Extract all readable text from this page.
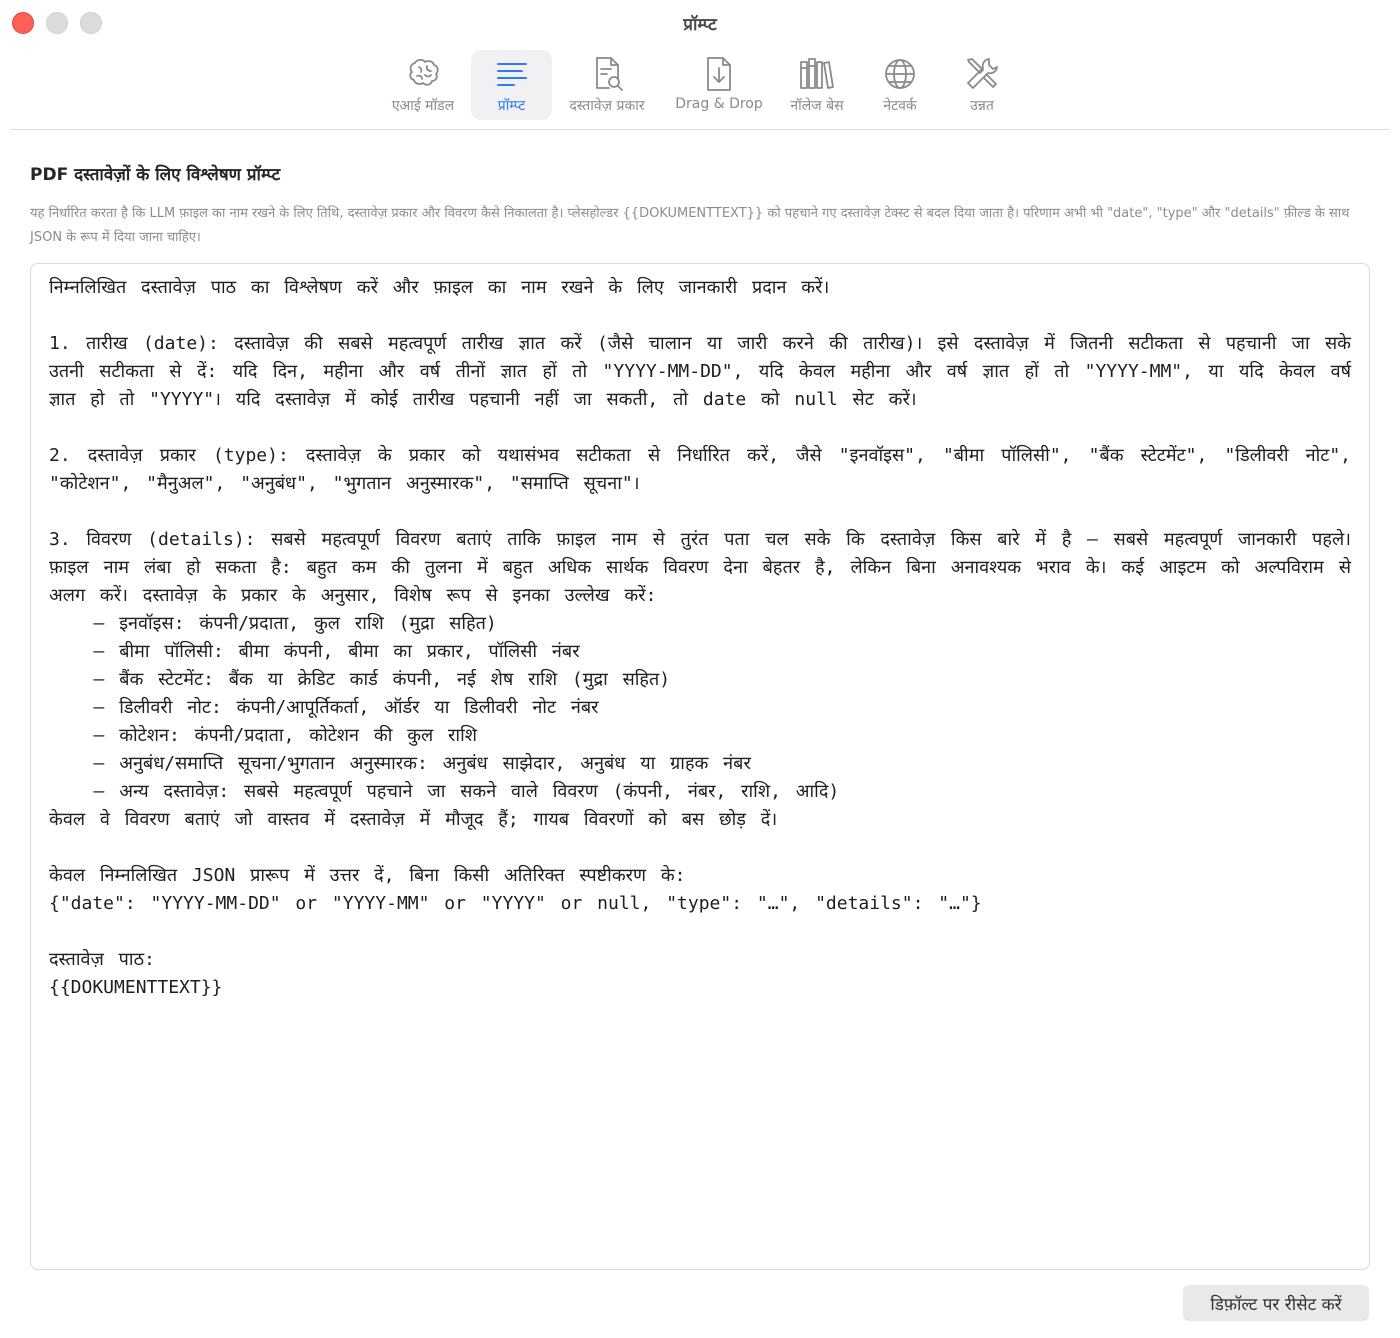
प्रॉम्प्ट
एआई मॉडल	प्रॉम्प्ट	दस्तावेज़ प्रकार Drag & Drop नॉलेज बेस	नेटवर्क	उन्नत
PDF दस्तावेज़ों के लिए विश्लेषण प्रॉम्प्ट
यह निर्धारित करता है कि LLM फ़ाइल का नाम रखने के लिए तिथि, दस्तावेज़ प्रकार और विवरण कैसे निकालता है। प्लेसहोल्डर {{DOKUMENTTEXT}} को पहचाने गए दस्तावेज़ टेक्स्ट से बदल दिया जाता है। परिणाम अभी भी "date", "type" और "details" फ़ील्ड के साथ JSON के रूप में दिया जाना चाहिए।
निम्नलिखित दस्तावेज़ पाठ का विश्लेषण करें और फ़ाइल का नाम रखने के लिए जानकारी प्रदान करें।

1. तारीख (date): दस्तावेज़ की सबसे महत्वपूर्ण तारीख ज्ञात करें (जैसे चालान या जारी करने की तारीख)। इसे दस्तावेज़ में जितनी सटीकता से पहचानी जा सके उतनी सटीकता से दें: यदि दिन, महीना और वर्ष तीनों ज्ञात हों तो "YYYY-MM-DD", यदि केवल महीना और वर्ष ज्ञात हों तो "YYYY-MM", या यदि केवल वर्ष ज्ञात हो तो "YYYY"। यदि दस्तावेज़ में कोई तारीख पहचानी नहीं जा सकती, तो date को null सेट करें।

2. दस्तावेज़ प्रकार (type): दस्तावेज़ के प्रकार को यथासंभव सटीकता से निर्धारित करें, जैसे "इनवॉइस", "बीमा पॉलिसी", "बैंक स्टेटमेंट", "डिलीवरी नोट", "कोटेशन", "मैनुअल", "अनुबंध", "भुगतान अनुस्मारक", "समाप्ति सूचना"।

3. विवरण (details): सबसे महत्वपूर्ण विवरण बताएं ताकि फ़ाइल नाम से तुरंत पता चल सके कि दस्तावेज़ किस बारे में है – सबसे महत्वपूर्ण जानकारी पहले। फ़ाइल नाम लंबा हो सकता है: बहुत कम की तुलना में बहुत अधिक सार्थक विवरण देना बेहतर है, लेकिन बिना अनावश्यक भराव के। कई आइटम को अल्पविराम से अलग करें। दस्तावेज़ के प्रकार के अनुसार, विशेष रूप से इनका उल्लेख करें:
– इनवॉइस: कंपनी/प्रदाता, कुल राशि (मुद्रा सहित)
– बीमा पॉलिसी: बीमा कंपनी, बीमा का प्रकार, पॉलिसी नंबर
– बैंक स्टेटमेंट: बैंक या क्रेडिट कार्ड कंपनी, नई शेष राशि (मुद्रा सहित)
– डिलीवरी नोट: कंपनी/आपूर्तिकर्ता, ऑर्डर या डिलीवरी नोट नंबर
– कोटेशन: कंपनी/प्रदाता, कोटेशन की कुल राशि
– अनुबंध/समाप्ति सूचना/भुगतान अनुस्मारक: अनुबंध साझेदार, अनुबंध या ग्राहक नंबर
– अन्य दस्तावेज़: सबसे महत्वपूर्ण पहचाने जा सकने वाले विवरण (कंपनी, नंबर, राशि, आदि)
केवल वे विवरण बताएं जो वास्तव में दस्तावेज़ में मौजूद हैं; गायब विवरणों को बस छोड़ दें।

केवल निम्नलिखित JSON प्रारूप में उत्तर दें, बिना किसी अतिरिक्त स्पष्टीकरण के:
{"date": "YYYY-MM-DD" or "YYYY-MM" or "YYYY" or null, "type": "…", "details": "…"}

दस्तावेज़ पाठ:
{{DOKUMENTTEXT}}
डिफ़ॉल्ट पर रीसेट करें
